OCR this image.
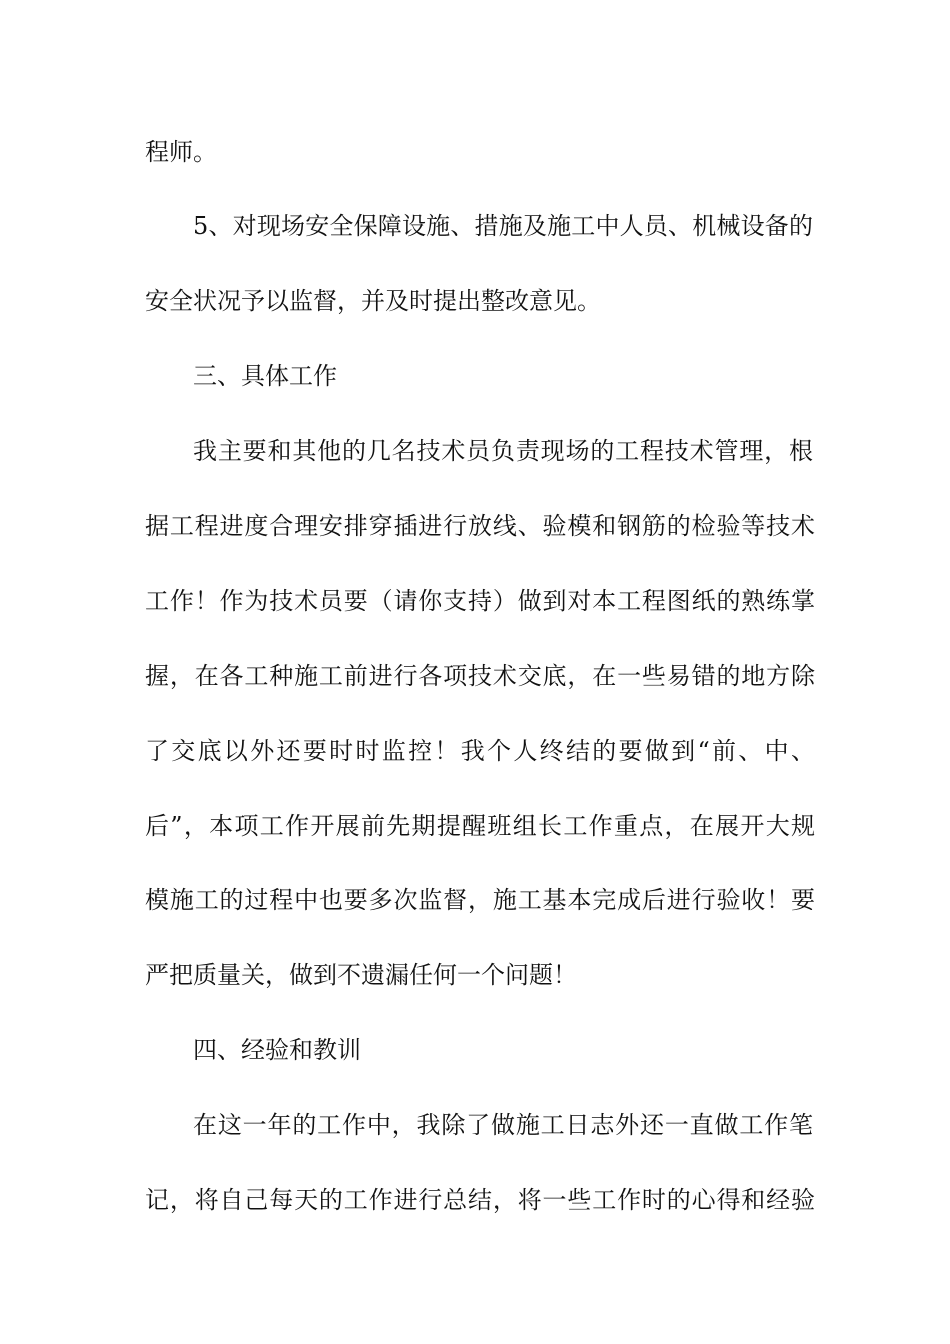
程师。
5、对现场安全保障设施、措施及施工中人员、机械设备的
安全状况予以监督，并及时提出整改意见。
三、具体工作
我主要和其他的几名技术员负责现场的工程技术管理，根
据工程进度合理安排穿插进行放线、验模和钢筋的检验等技术
工作！作为技术员要（请你支持）做到对本工程图纸的熟练掌
握，在各工种施工前进行各项技术交底，在一些易错的地方除
了交底以外还要时时监控！我个人终结的要做到“前、中、
后”，本项工作开展前先期提醒班组长工作重点，在展开大规
模施工的过程中也要多次监督，施工基本完成后进行验收！要
严把质量关，做到不遗漏任何一个问题！
四、经验和教训
在这一年的工作中，我除了做施工日志外还一直做工作笔
记，将自己每天的工作进行总结，将一些工作时的心得和经验
